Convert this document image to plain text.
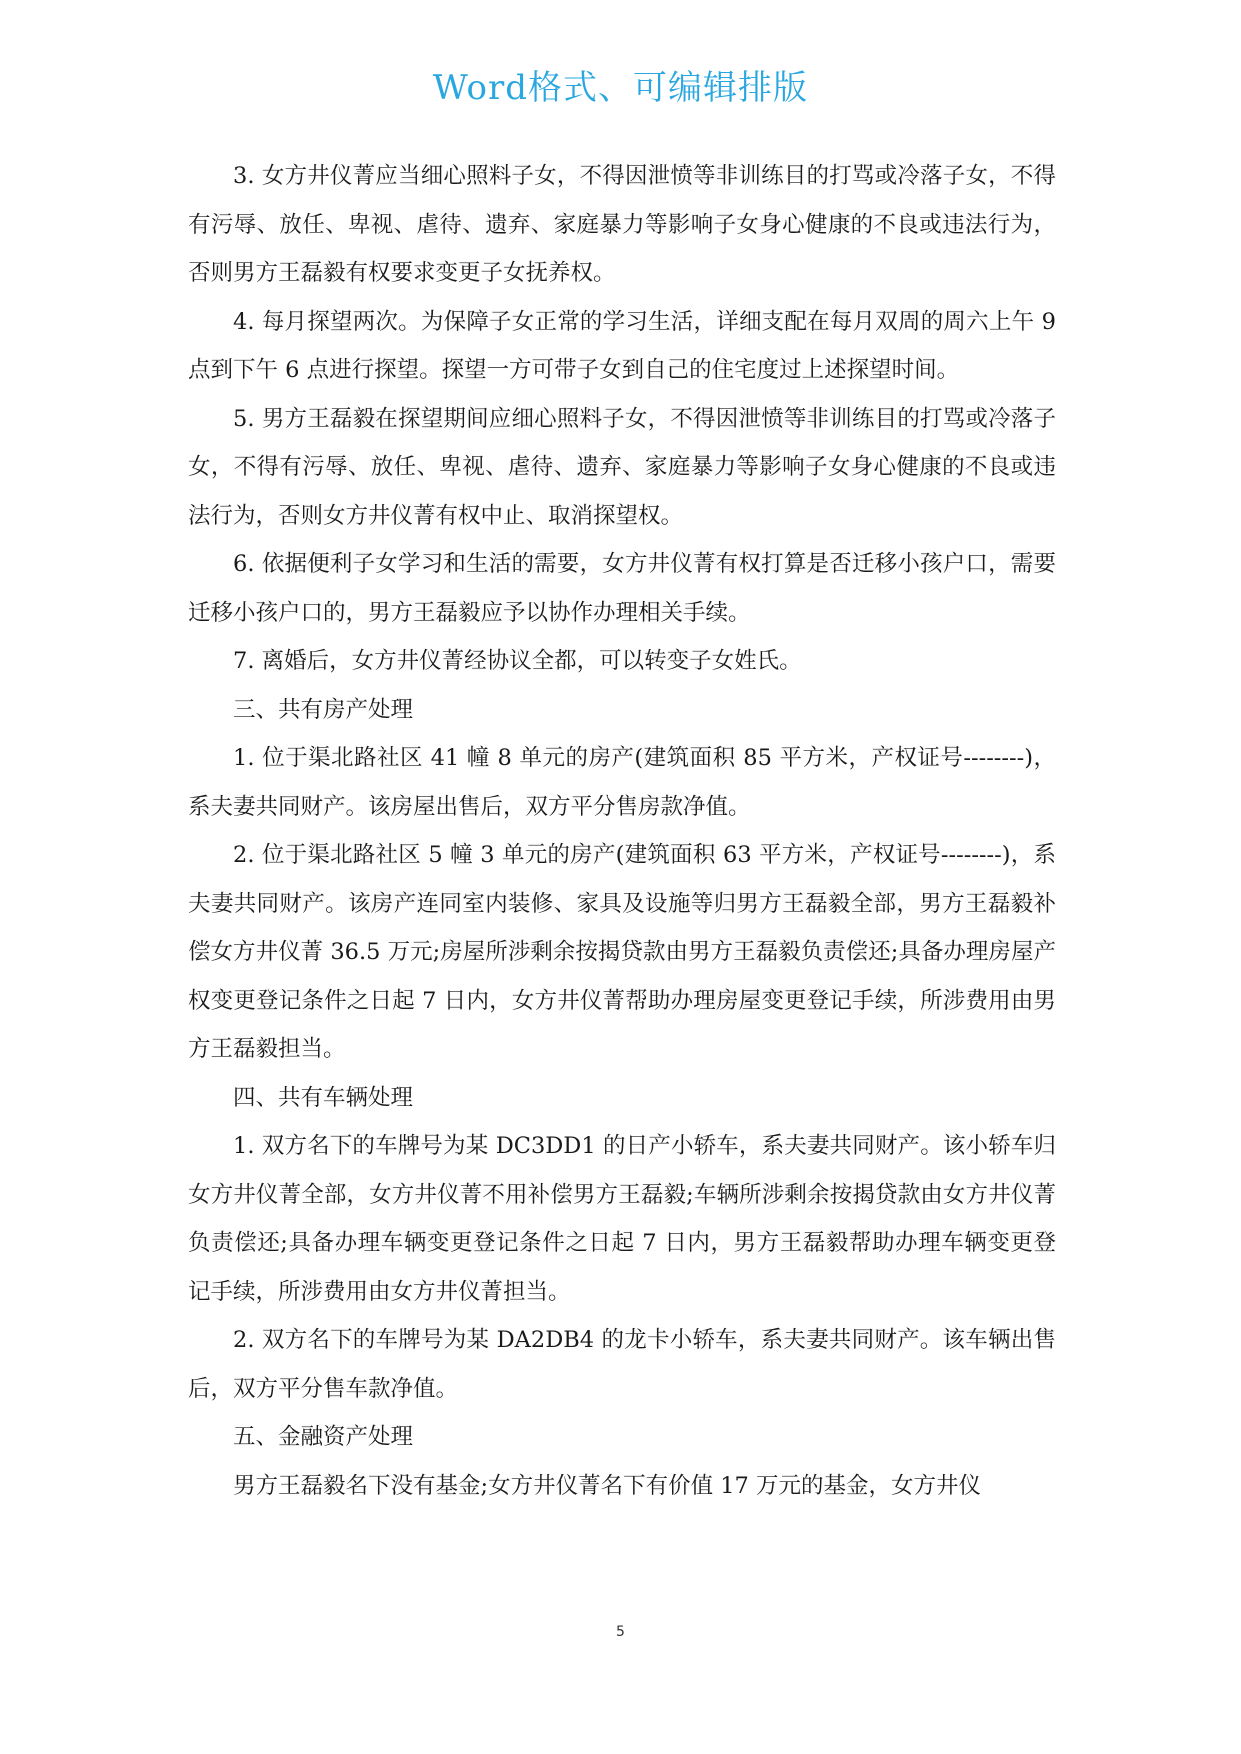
Word格式、可编辑排版

3. 女方井仪菁应当细心照料子女，不得因泄愤等非训练目的打骂或冷落子女，不得有污辱、放任、卑视、虐待、遗弃、家庭暴力等影响子女身心健康的不良或违法行为，否则男方王磊毅有权要求变更子女抚养权。

4. 每月探望两次。为保障子女正常的学习生活，详细支配在每月双周的周六上午 9 点到下午 6 点进行探望。探望一方可带子女到自己的住宅度过上述探望时间。

5. 男方王磊毅在探望期间应细心照料子女，不得因泄愤等非训练目的打骂或冷落子女，不得有污辱、放任、卑视、虐待、遗弃、家庭暴力等影响子女身心健康的不良或违法行为，否则女方井仪菁有权中止、取消探望权。

6. 依据便利子女学习和生活的需要，女方井仪菁有权打算是否迁移小孩户口，需要迁移小孩户口的，男方王磊毅应予以协作办理相关手续。

7. 离婚后，女方井仪菁经协议全都，可以转变子女姓氏。

三、共有房产处理

1. 位于渠北路社区 41 幢 8 单元的房产(建筑面积 85 平方米，产权证号--------)，系夫妻共同财产。该房屋出售后，双方平分售房款净值。

2. 位于渠北路社区 5 幢 3 单元的房产(建筑面积 63 平方米，产权证号--------)，系夫妻共同财产。该房产连同室内装修、家具及设施等归男方王磊毅全部，男方王磊毅补偿女方井仪菁 36.5 万元;房屋所涉剩余按揭贷款由男方王磊毅负责偿还;具备办理房屋产权变更登记条件之日起 7 日内，女方井仪菁帮助办理房屋变更登记手续，所涉费用由男方王磊毅担当。

四、共有车辆处理

1. 双方名下的车牌号为某 DC3DD1 的日产小轿车，系夫妻共同财产。该小轿车归女方井仪菁全部，女方井仪菁不用补偿男方王磊毅;车辆所涉剩余按揭贷款由女方井仪菁负责偿还;具备办理车辆变更登记条件之日起 7 日内，男方王磊毅帮助办理车辆变更登记手续，所涉费用由女方井仪菁担当。

2. 双方名下的车牌号为某 DA2DB4 的龙卡小轿车，系夫妻共同财产。该车辆出售后，双方平分售车款净值。

五、金融资产处理

男方王磊毅名下没有基金;女方井仪菁名下有价值 17 万元的基金，女方井仪

5
